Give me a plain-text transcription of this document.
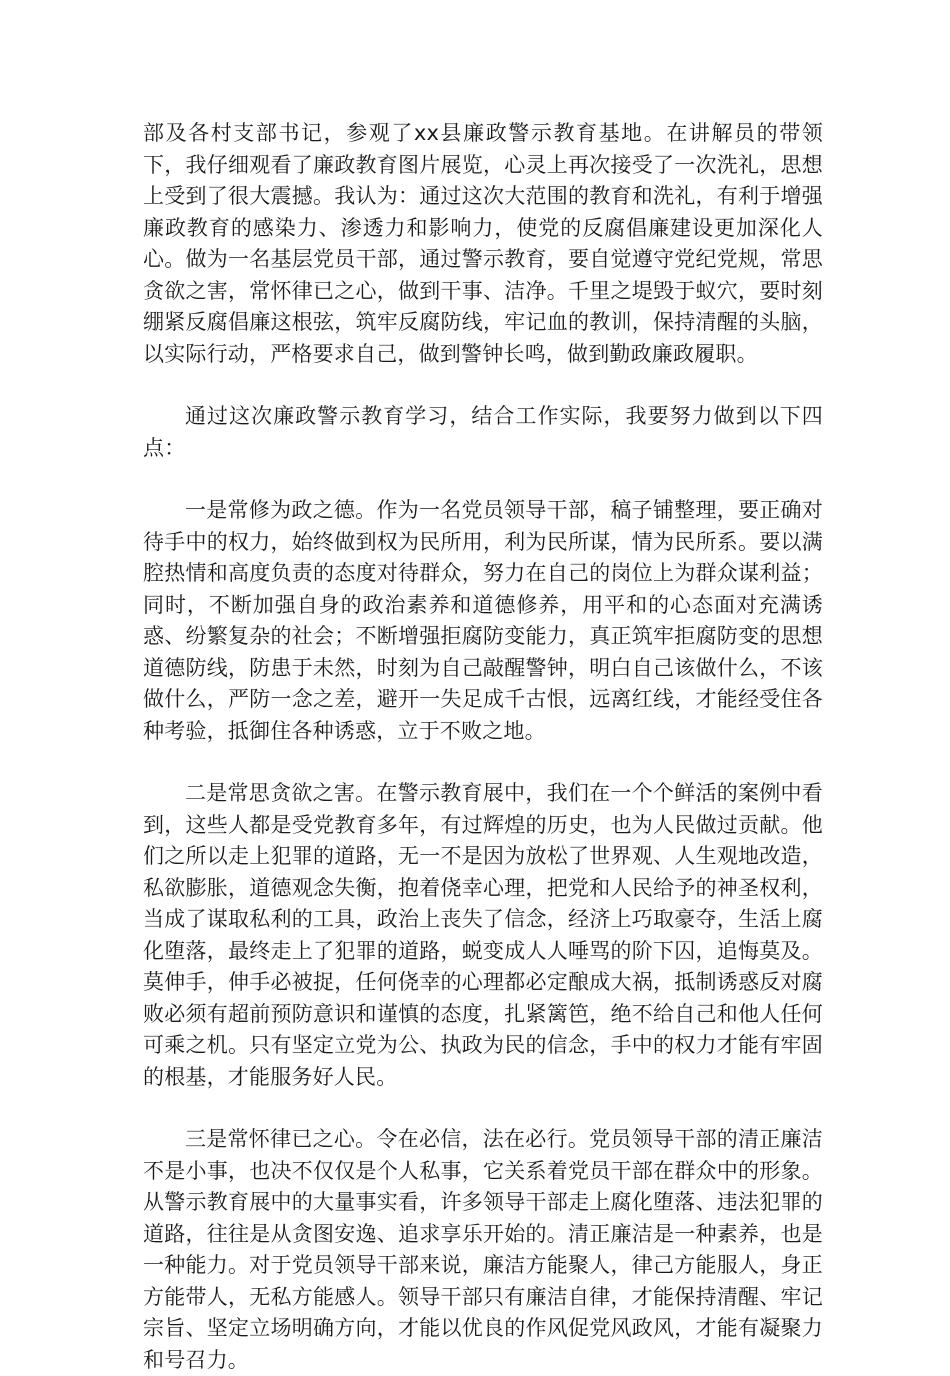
部及各村支部书记，参观了xx县廉政警示教育基地。在讲解员的带领下，我仔细观看了廉政教育图片展览，心灵上再次接受了一次洗礼，思想上受到了很大震撼。我认为：通过这次大范围的教育和洗礼，有利于增强廉政教育的感染力、渗透力和影响力，使党的反腐倡廉建设更加深化人心。做为一名基层党员干部，通过警示教育，要自觉遵守党纪党规，常思贪欲之害，常怀律已之心，做到干事、洁净。千里之堤毁于蚁穴，要时刻绷紧反腐倡廉这根弦，筑牢反腐防线，牢记血的教训，保持清醒的头脑，以实际行动，严格要求自己，做到警钟长鸣，做到勤政廉政履职。

通过这次廉政警示教育学习，结合工作实际，我要努力做到以下四点：

一是常修为政之德。作为一名党员领导干部，稿子铺整理，要正确对待手中的权力，始终做到权为民所用，利为民所谋，情为民所系。要以满腔热情和高度负责的态度对待群众，努力在自己的岗位上为群众谋利益；同时，不断加强自身的政治素养和道德修养，用平和的心态面对充满诱惑、纷繁复杂的社会；不断增强拒腐防变能力，真正筑牢拒腐防变的思想道德防线，防患于未然，时刻为自己敲醒警钟，明白自己该做什么，不该做什么，严防一念之差，避开一失足成千古恨，远离红线，才能经受住各种考验，抵御住各种诱惑，立于不败之地。

二是常思贪欲之害。在警示教育展中，我们在一个个鲜活的案例中看到，这些人都是受党教育多年，有过辉煌的历史，也为人民做过贡献。他们之所以走上犯罪的道路，无一不是因为放松了世界观、人生观地改造，私欲膨胀，道德观念失衡，抱着侥幸心理，把党和人民给予的神圣权利，当成了谋取私利的工具，政治上丧失了信念，经济上巧取豪夺，生活上腐化堕落，最终走上了犯罪的道路，蜕变成人人唾骂的阶下囚，追悔莫及。莫伸手，伸手必被捉，任何侥幸的心理都必定酿成大祸，抵制诱惑反对腐败必须有超前预防意识和谨慎的态度，扎紧篱笆，绝不给自己和他人任何可乘之机。只有坚定立党为公、执政为民的信念，手中的权力才能有牢固的根基，才能服务好人民。

三是常怀律已之心。令在必信，法在必行。党员领导干部的清正廉洁不是小事，也决不仅仅是个人私事，它关系着党员干部在群众中的形象。从警示教育展中的大量事实看，许多领导干部走上腐化堕落、违法犯罪的道路，往往是从贪图安逸、追求享乐开始的。清正廉洁是一种素养，也是一种能力。对于党员领导干部来说，廉洁方能聚人，律己方能服人，身正方能带人，无私方能感人。领导干部只有廉洁自律，才能保持清醒、牢记宗旨、坚定立场明确方向，才能以优良的作风促党风政风，才能有凝聚力和号召力。
